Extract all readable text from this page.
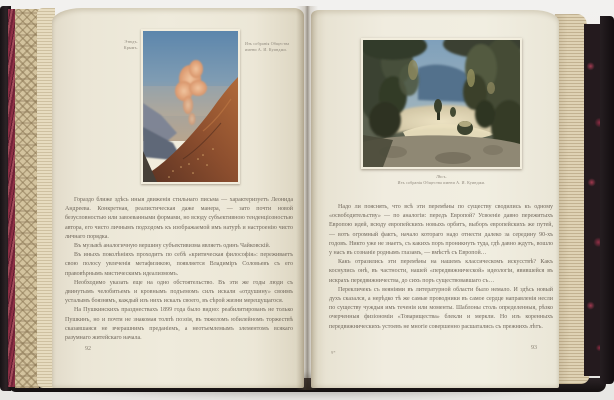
Этюдъ.
Крымъ.
Изъ собранія Общества
имени А. И. Куинджи.

Гораздо ближе здѣсь иныя движенія стильнаго письма — характеризуетъ Леонида Андреева. Конкретная, реалистическая даже манера, — зато почти новой безусловностью или завоеванными формами, но всюду субъективною тенденціозностью автора, его чисто личнымъ подходомъ къ изображаемой имъ натурѣ и настроенію чисто личнаго порядка.

Въ музыкѣ аналогичную вершину субъективизма являетъ одинъ Чайковскій.

Въ иныхъ поколѣніяхъ проходитъ по себѣ «критическая философія»: переживаетъ свою полосу увлеченія метафизикою, появляется Владиміръ Соловьевъ съ его правовѣрнымъ мистическимъ идеализмомъ.

Необходимо указать еще на одно обстоятельство. Въ эти же годы люди съ двинутымъ челобитьемъ и кровнымъ подъемомъ силъ искали «отдушину» своимъ усталымъ боязнямъ, каждый изъ нихъ искалъ своего, въ сѣрой жизни мерещущагося.

На Пушкинскихъ празднествахъ 1899 года было видно: реабилитированъ не только Пушкинъ, но и почти не знакомая толпѣ поэзія, въ тяжеломъ юбилейномъ торжествѣ сказавшаяся не вчерашнимъ преданіемъ, а неотъемлемымъ элементомъ всякаго разумнаго житейскаго начала.

92
Лѣсъ.
Изъ собранія Общества имени А. И. Куинджи.

Надо ли пояснять, что всѣ эти перемѣны по существу сводились къ одному «освободительству» — по аналогіи: передъ Европой? Усвоеніе давно пережитыхъ Европою идей, всюду европейскихъ новыхъ орбитъ, выборъ европейскихъ же путей, — вотъ огромный фактъ, начало котораго надо отнести далеко за середину 90-хъ годовъ. Никто уже не знаетъ, съ какихъ поръ проникнуть туда, гдѣ давно ждутъ, вошло у насъ въ сознаніе роднымъ глазамъ, — вмѣстѣ съ Европой…

Какъ отразились эти перемѣны на нашемъ классическомъ искусствѣ? Какъ коснулись онѣ, въ частности, нашей «передвижнической» идеологіи, явившейся въ искрахъ передвижничества, до сихъ поръ существовавшаго съ…

Перекличекъ съ веяніями въ литературной области было немало. И здѣсь новый духъ сказался, а нерѣдко тѣ же самые проводники въ самое сердце направленія несли по существу чуждыя имъ теченія или моменты. Шаблоны столь определенныя, рѣзко очерченныя физіономіи «Товарищества» блекли и меркли. Но изъ коренныхъ передвижническихъ устоевъ не многіе совершенно расшатались съ прежнихъ лѣтъ.

9*
93
